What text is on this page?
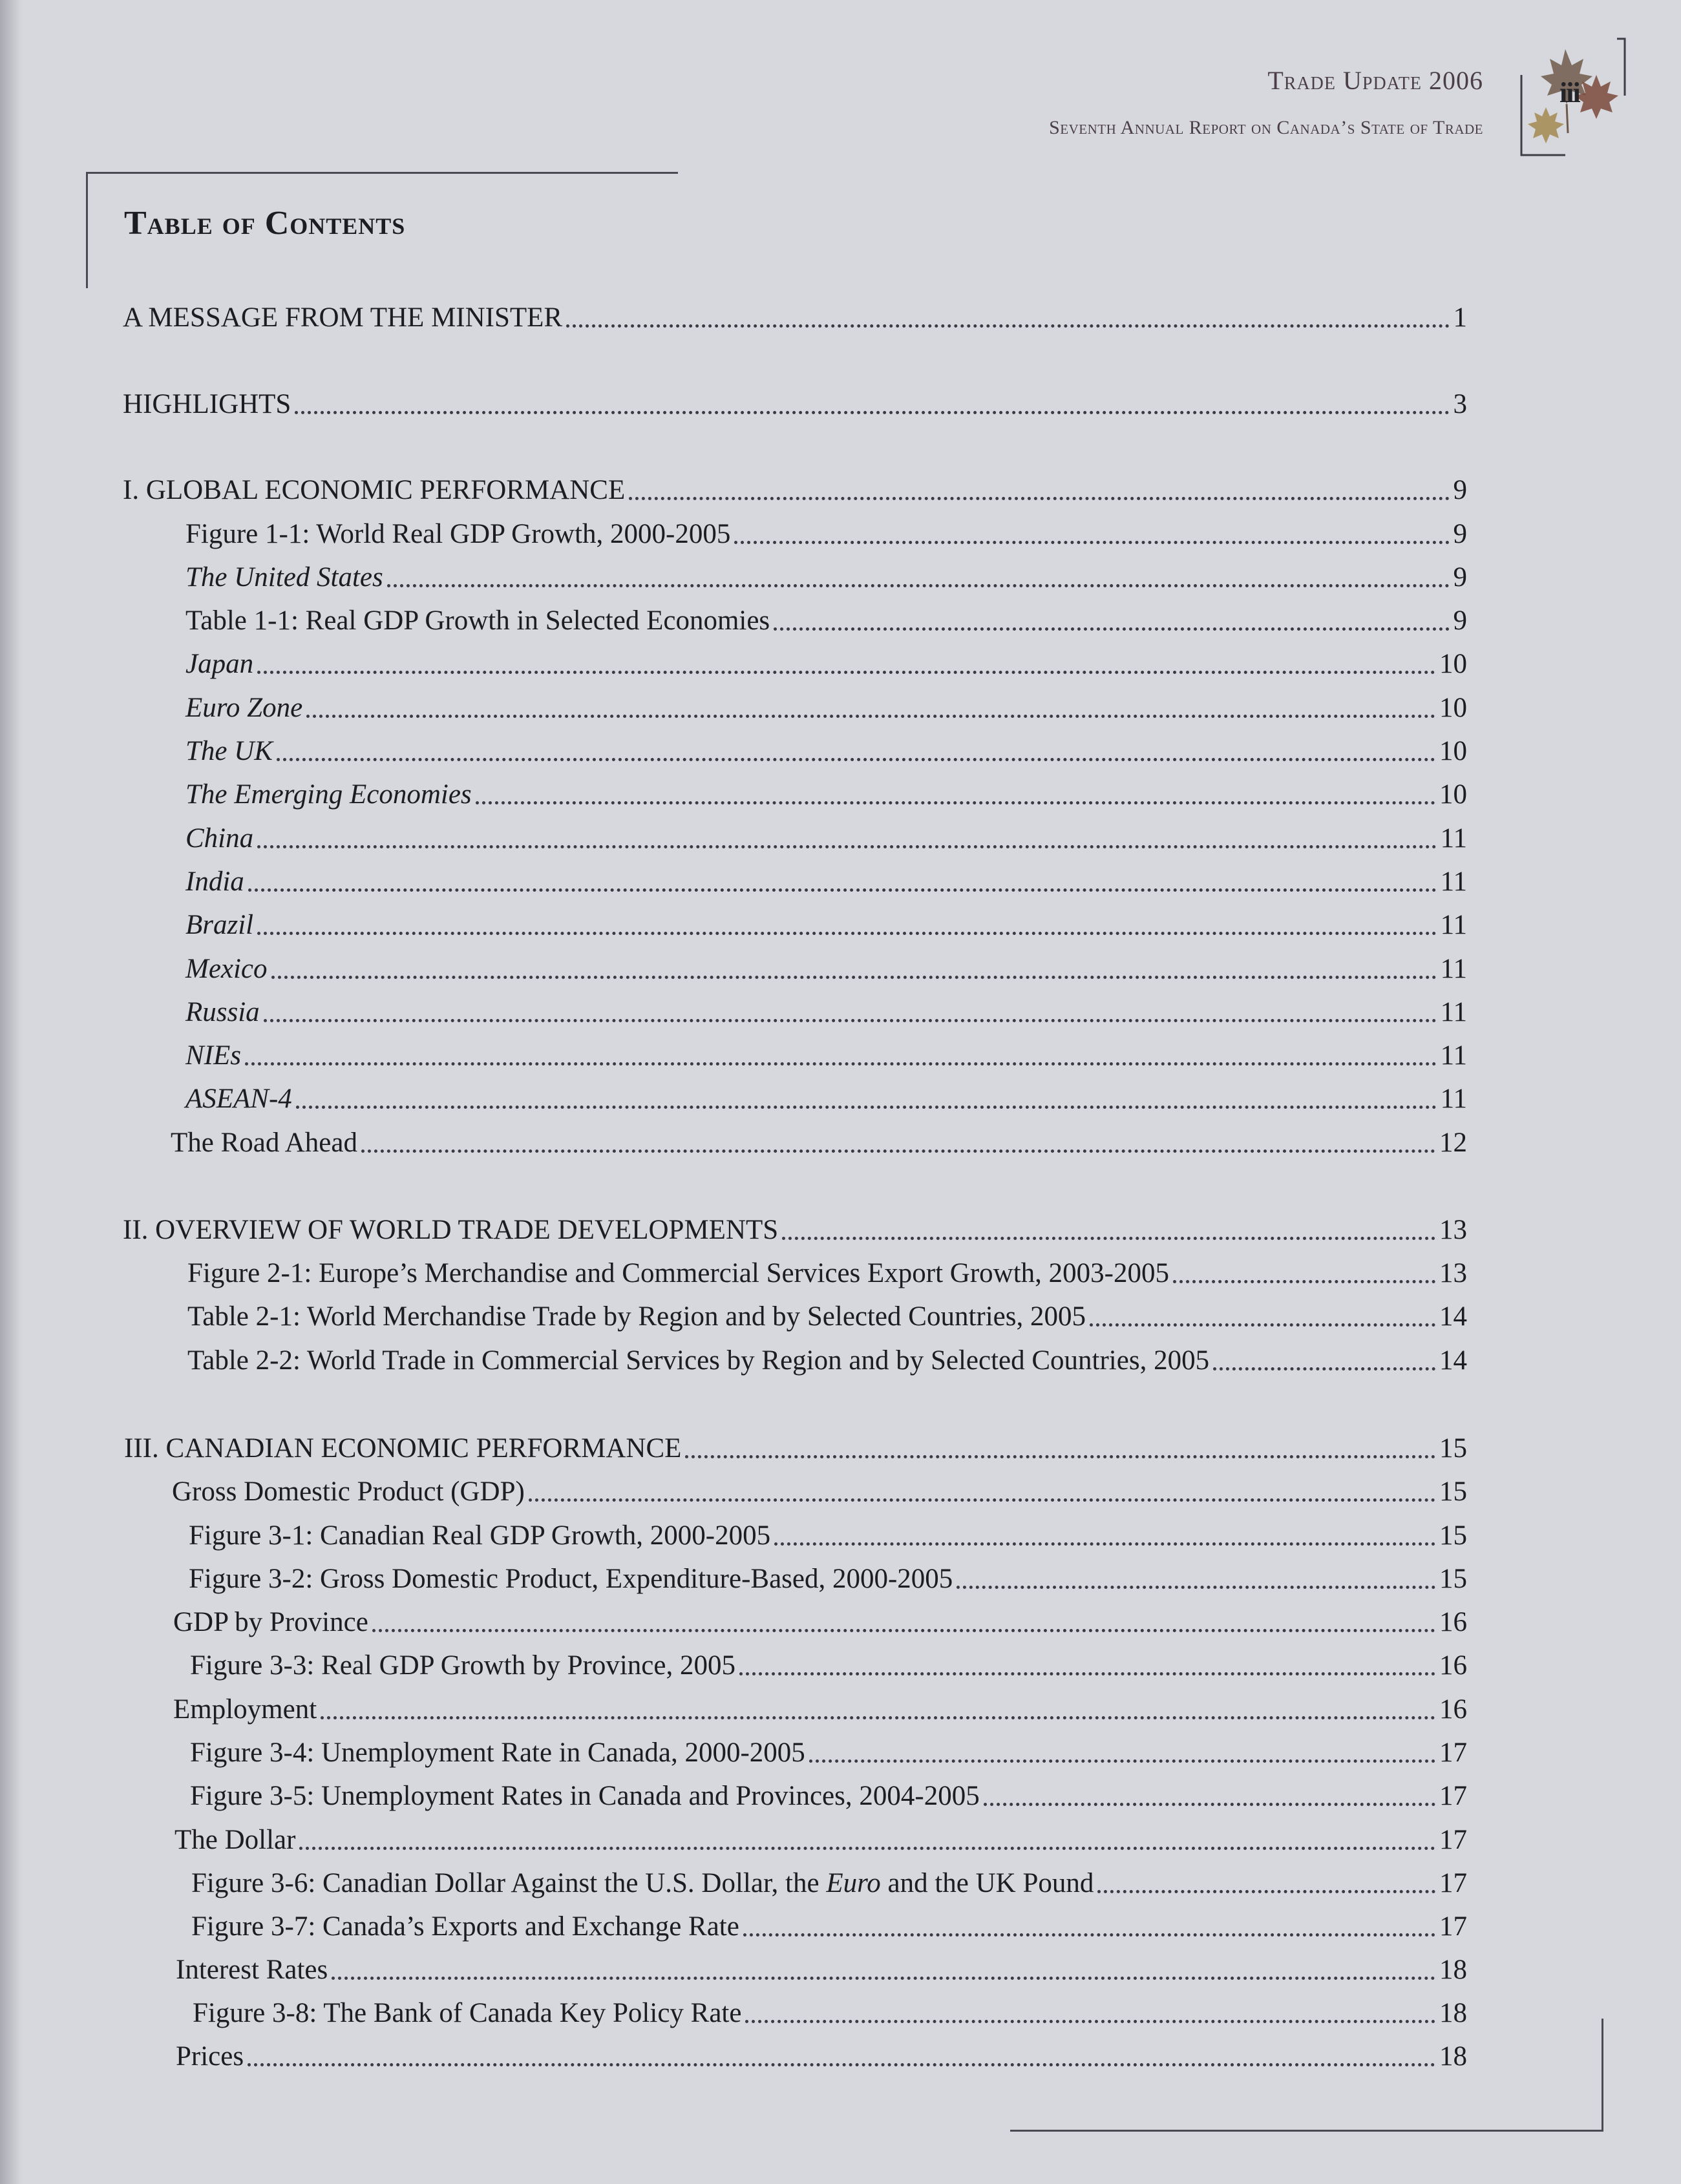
Trade Update 2006
Seventh Annual Report on Canada’s State of Trade
iii
Table of Contents
A MESSAGE FROM THE MINISTER	1
HIGHLIGHTS	3
I. GLOBAL ECONOMIC PERFORMANCE	9
Figure 1-1: World Real GDP Growth, 2000-2005	9
The United States	9
Table 1-1: Real GDP Growth in Selected Economies	9
Japan	10
Euro Zone	10
The UK	10
The Emerging Economies	10
China	11
India	11
Brazil	11
Mexico	11
Russia	11
NIEs	11
ASEAN-4	11
The Road Ahead	12
II. OVERVIEW OF WORLD TRADE DEVELOPMENTS	13
Figure 2-1: Europe’s Merchandise and Commercial Services Export Growth, 2003-2005	13
Table 2-1: World Merchandise Trade by Region and by Selected Countries, 2005	14
Table 2-2: World Trade in Commercial Services by Region and by Selected Countries, 2005	14
III. CANADIAN ECONOMIC PERFORMANCE	15
Gross Domestic Product (GDP)	15
Figure 3-1: Canadian Real GDP Growth, 2000-2005	15
Figure 3-2: Gross Domestic Product, Expenditure-Based, 2000-2005	15
GDP by Province	16
Figure 3-3: Real GDP Growth by Province, 2005	16
Employment	16
Figure 3-4: Unemployment Rate in Canada, 2000-2005	17
Figure 3-5: Unemployment Rates in Canada and Provinces, 2004-2005	17
The Dollar	17
Figure 3-6: Canadian Dollar Against the U.S. Dollar, the Euro and the UK Pound	17
Figure 3-7: Canada’s Exports and Exchange Rate	17
Interest Rates	18
Figure 3-8: The Bank of Canada Key Policy Rate	18
Prices	18
